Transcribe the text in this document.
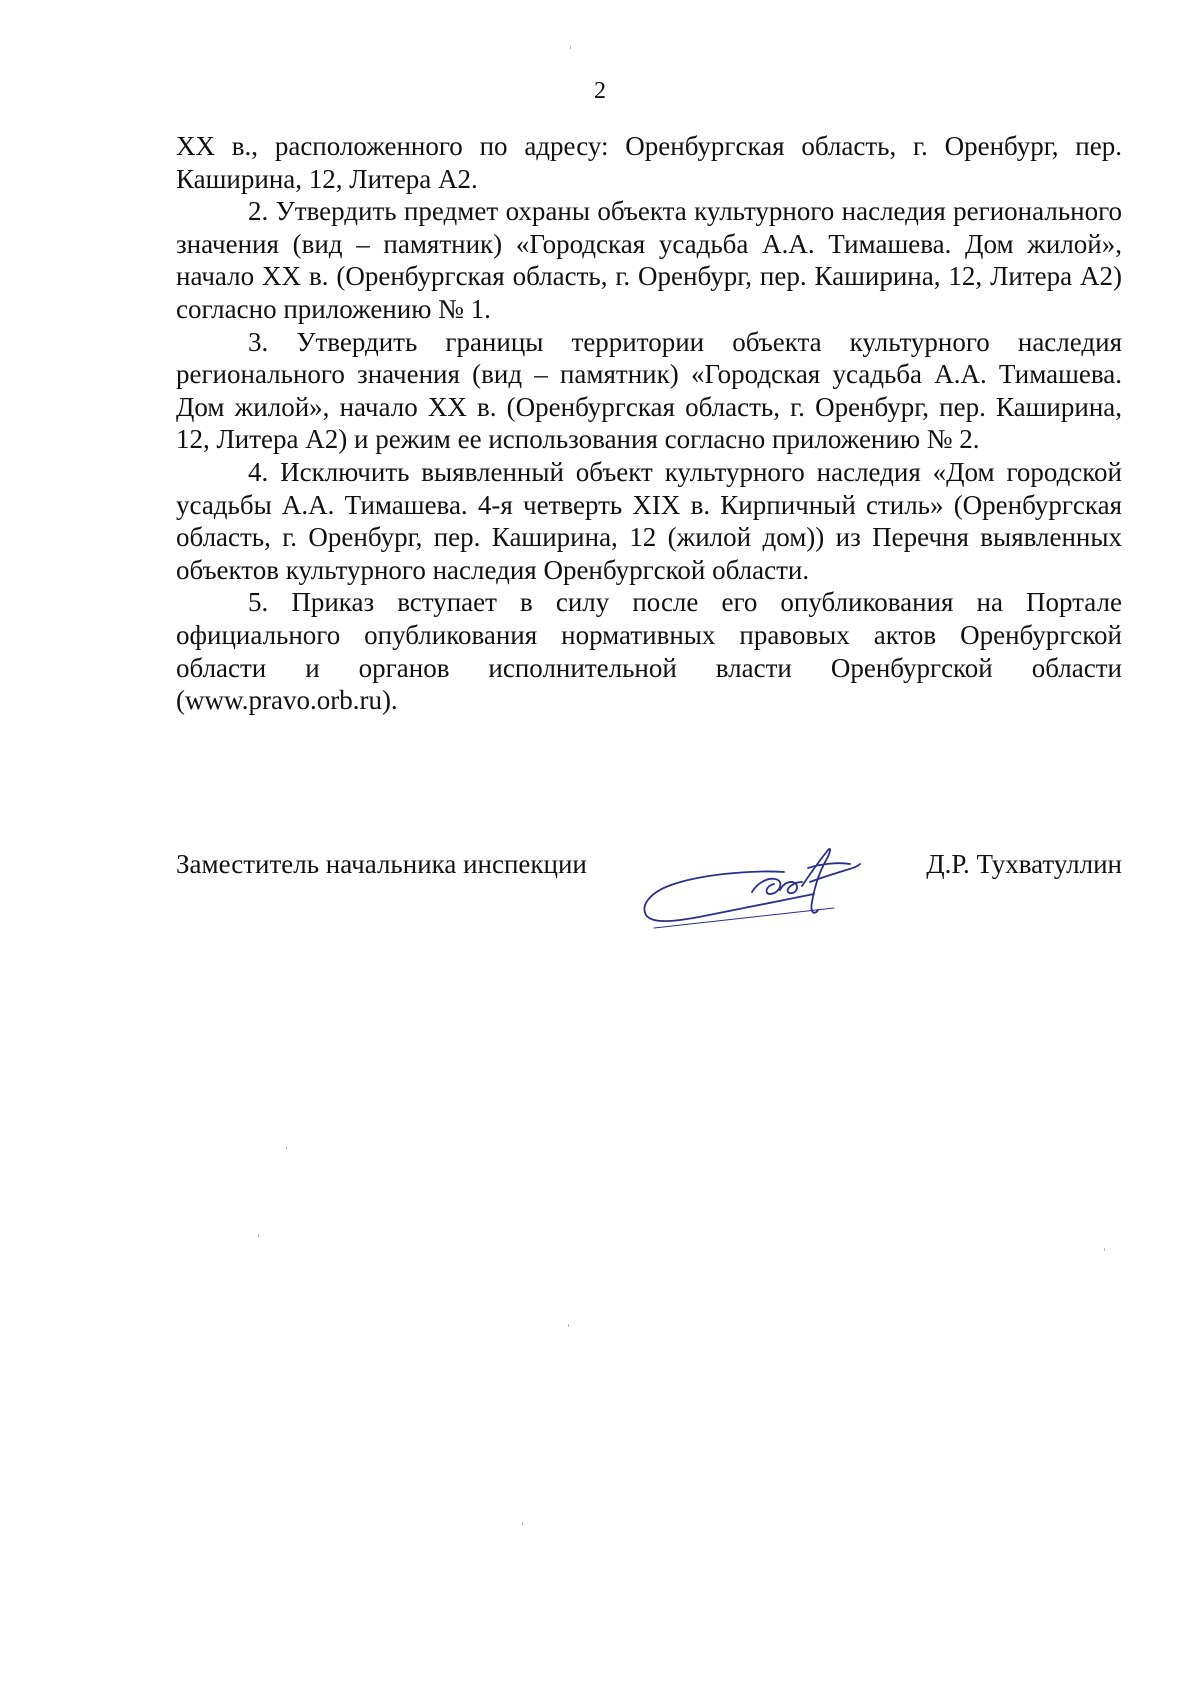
2

XX в., расположенного по адресу: Оренбургская область, г. Оренбург, пер. Каширина, 12, Литера А2.

2. Утвердить предмет охраны объекта культурного наследия регионального значения (вид – памятник) «Городская усадьба А.А. Тимашева. Дом жилой», начало XX в. (Оренбургская область, г. Оренбург, пер. Каширина, 12, Литера А2) согласно приложению № 1.

3. Утвердить границы территории объекта культурного наследия регионального значения (вид – памятник) «Городская усадьба А.А. Тимашева. Дом жилой», начало XX в. (Оренбургская область, г. Оренбург, пер. Каширина, 12, Литера А2) и режим ее использования согласно приложению № 2.

4. Исключить выявленный объект культурного наследия «Дом городской усадьбы А.А. Тимашева. 4-я четверть XIX в. Кирпичный стиль» (Оренбургская область, г. Оренбург, пер. Каширина, 12 (жилой дом)) из Перечня выявленных объектов культурного наследия Оренбургской области.

5. Приказ вступает в силу после его опубликования на Портале официального опубликования нормативных правовых актов Оренбургской области и органов исполнительной власти Оренбургской области (www.pravo.orb.ru).

Заместитель начальника инспекции	Д.Р. Тухватуллин
